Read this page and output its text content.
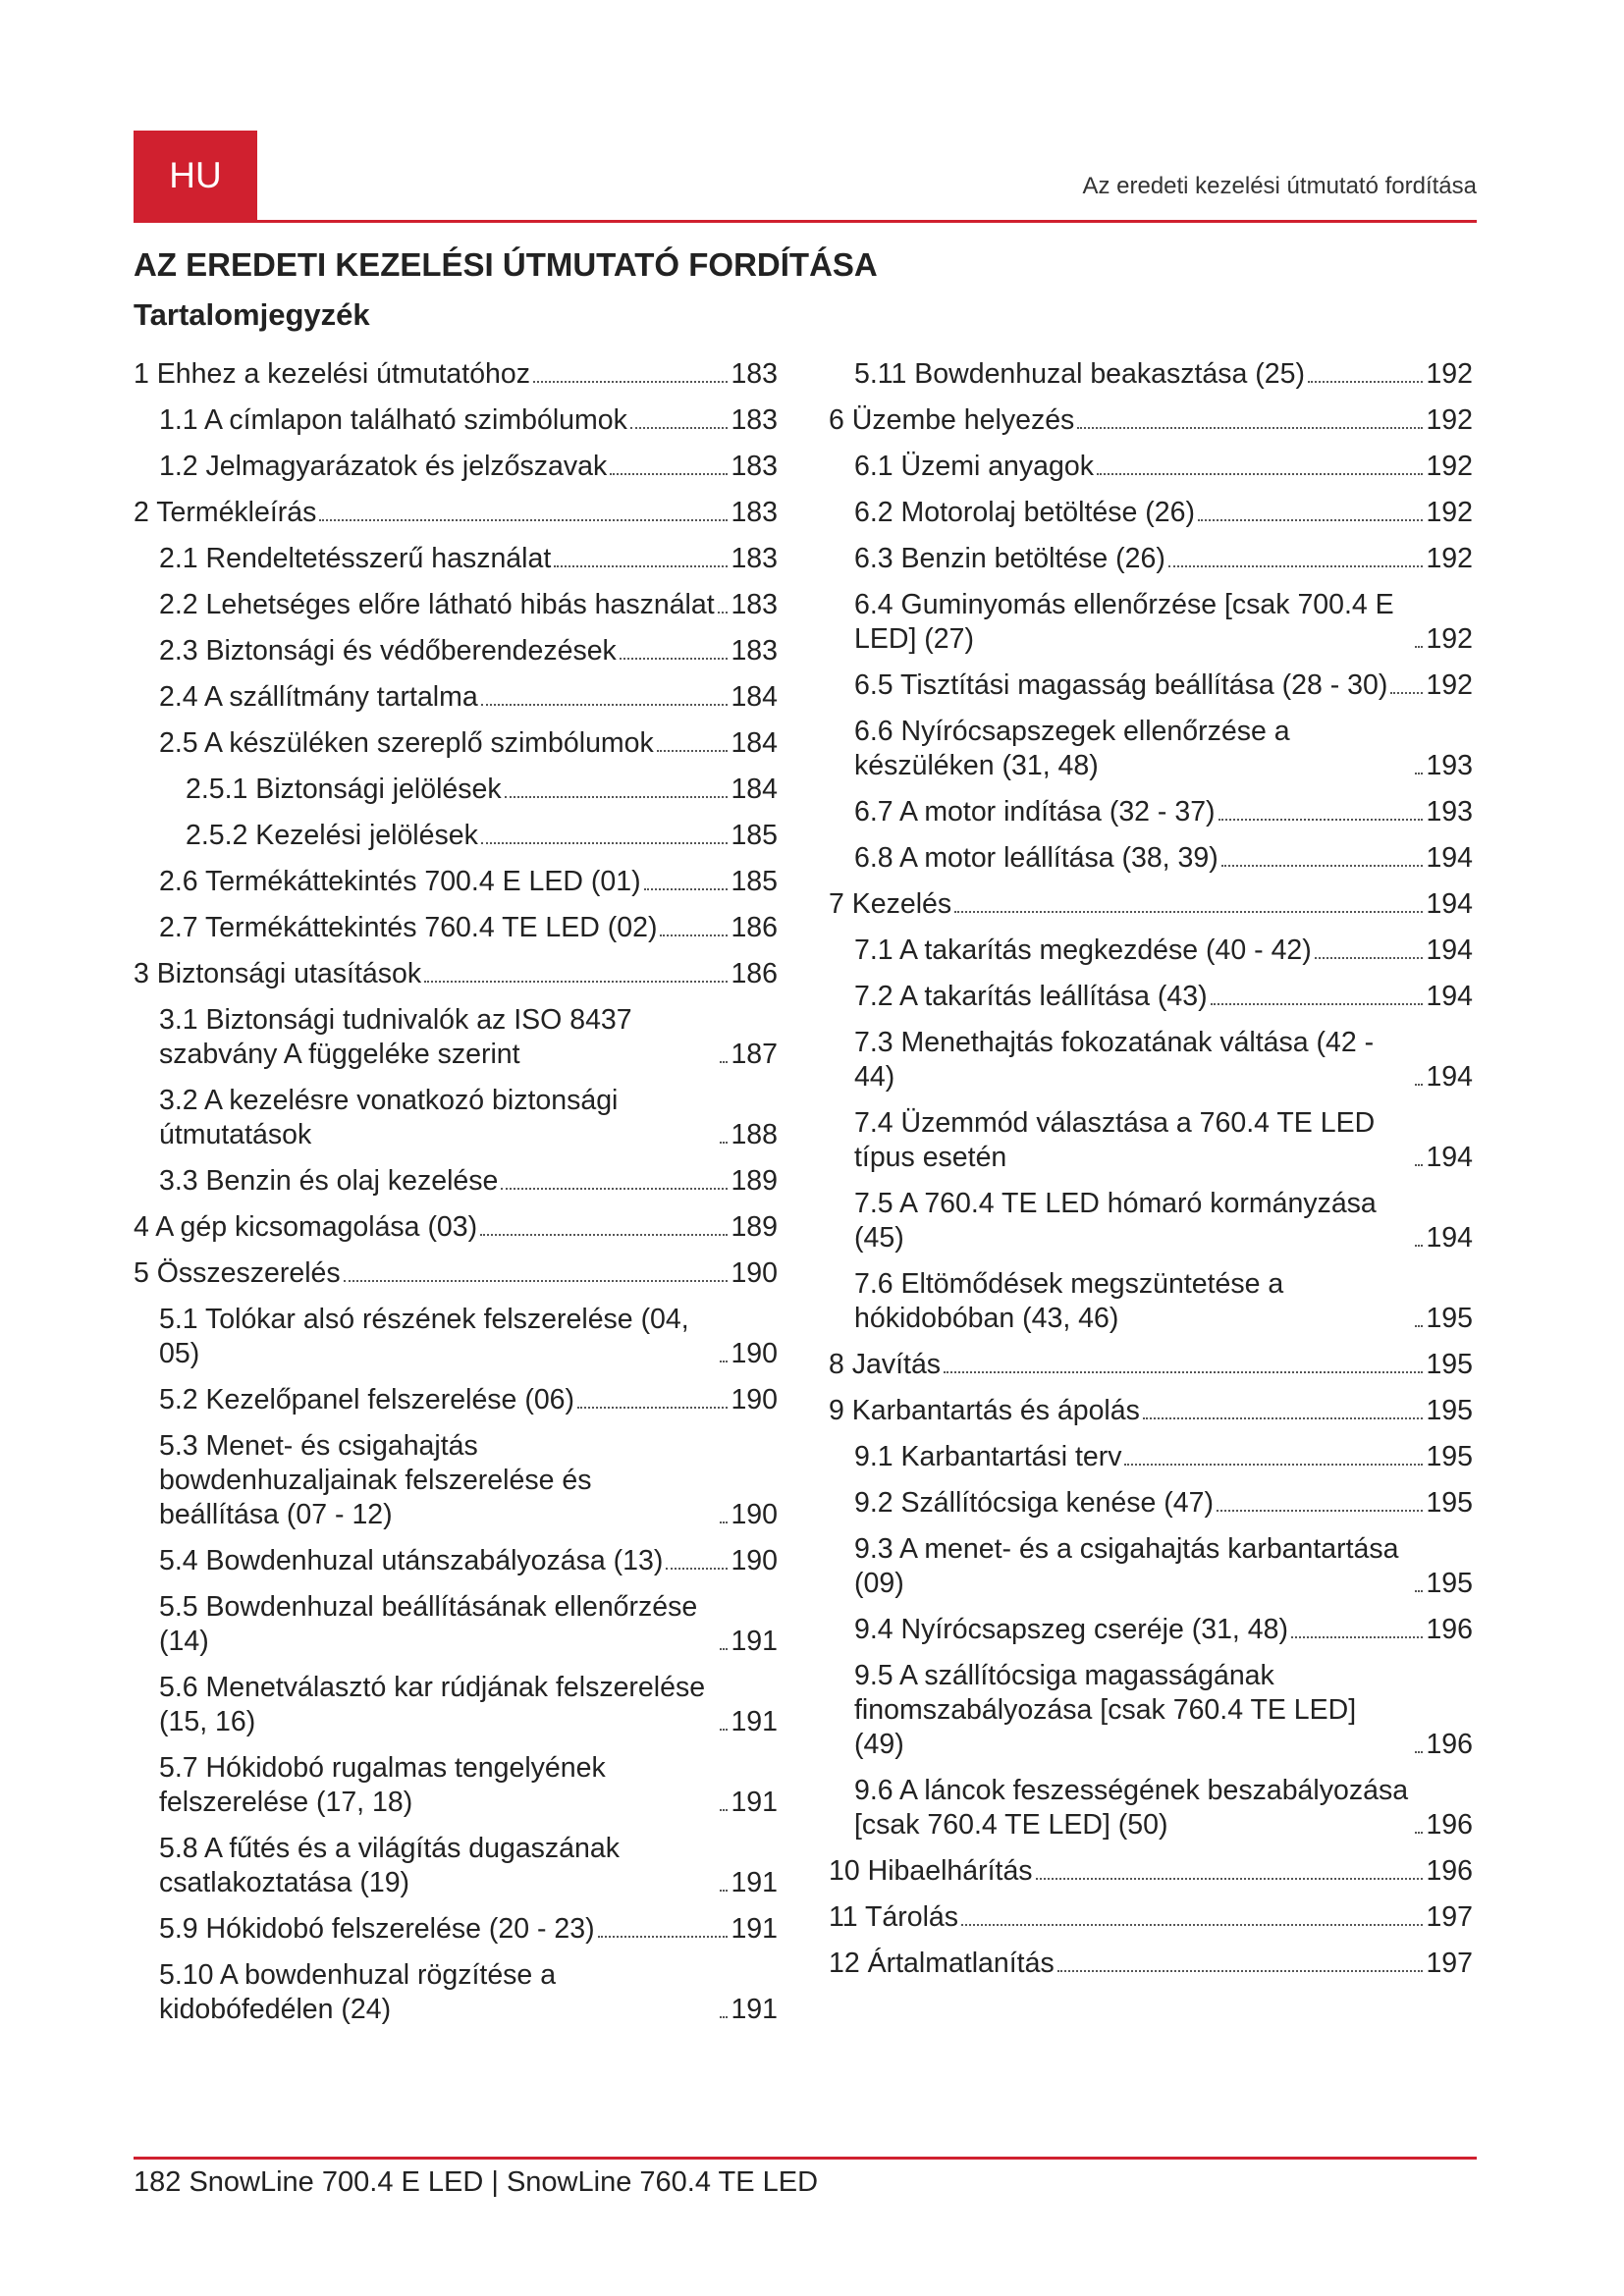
HU	Az eredeti kezelési útmutató fordítása
AZ EREDETI KEZELÉSI ÚTMUTATÓ FORDÍTÁSA
Tartalomjegyzék
1 Ehhez a kezelési útmutatóhoz	183
1.1 A címlapon található szimbólumok	183
1.2 Jelmagyarázatok és jelzőszavak	183
2 Termékleírás	183
2.1 Rendeltetésszerű használat	183
2.2 Lehetséges előre látható hibás használat 183
2.3 Biztonsági és védőberendezések	183
2.4 A szállítmány tartalma	184
2.5 A készüléken szereplő szimbólumok	184
2.5.1 Biztonsági jelölések	184
2.5.2 Kezelési jelölések	185
2.6 Termékáttekintés 700.4 E LED (01)	185
2.7 Termékáttekintés 760.4 TE LED (02)	186
3 Biztonsági utasítások	186
3.1 Biztonsági tudnivalók az ISO 8437 szabvány A függeléke szerint	187
3.2 A kezelésre vonatkozó biztonsági útmutatások	188
3.3 Benzin és olaj kezelése	189
4 A gép kicsomagolása (03)	189
5 Összeszerelés	190
5.1 Tolókar alsó részének felszerelése (04, 05)	190
5.2 Kezelőpanel felszerelése (06)	190
5.3 Menet- és csigahajtás bowdenhuzaljainak felszerelése és beállítása (07 - 12)	190
5.4 Bowdenhuzal utánszabályozása (13) 190
5.5 Bowdenhuzal beállításának ellenőrzése (14)	191
5.6 Menetválasztó kar rúdjának felszerelése (15, 16)	191
5.7 Hókidobó rugalmas tengelyének felszerelése (17, 18)	191
5.8 A fűtés és a világítás dugaszának csatlakoztatása (19)	191
5.9 Hókidobó felszerelése (20 - 23)	191
5.10 A bowdenhuzal rögzítése a kidobófedélen (24)	191
5.11 Bowdenhuzal beakasztása (25)	192
6 Üzembe helyezés	192
6.1 Üzemi anyagok	192
6.2 Motorolaj betöltése (26)	192
6.3 Benzin betöltése (26)	192
6.4 Guminyomás ellenőrzése [csak 700.4 E LED] (27)	192
6.5 Tisztítási magasság beállítása (28 - 30) 192
6.6 Nyírócsapszegek ellenőrzése a készüléken (31, 48)	193
6.7 A motor indítása (32 - 37)	193
6.8 A motor leállítása (38, 39)	194
7 Kezelés	194
7.1 A takarítás megkezdése (40 - 42)	194
7.2 A takarítás leállítása (43)	194
7.3 Menethajtás fokozatának váltása (42 - 44)	194
7.4 Üzemmód választása a 760.4 TE LED típus esetén	194
7.5 A 760.4 TE LED hómaró kormányzása (45)	194
7.6 Eltömődések megszüntetése a hókidobóban (43, 46)	195
8 Javítás	195
9 Karbantartás és ápolás	195
9.1 Karbantartási terv	195
9.2 Szállítócsiga kenése (47)	195
9.3 A menet- és a csigahajtás karbantartása (09)	195
9.4 Nyírócsapszeg cseréje (31, 48)	196
9.5 A szállítócsiga magasságának finomszabályozása [csak 760.4 TE LED] (49)	196
9.6 A láncok feszességének beszabályozása [csak 760.4 TE LED] (50)	196
10 Hibaelhárítás	196
11 Tárolás	197
12 Ártalmatlanítás	197
182 SnowLine 700.4 E LED | SnowLine 760.4 TE LED
